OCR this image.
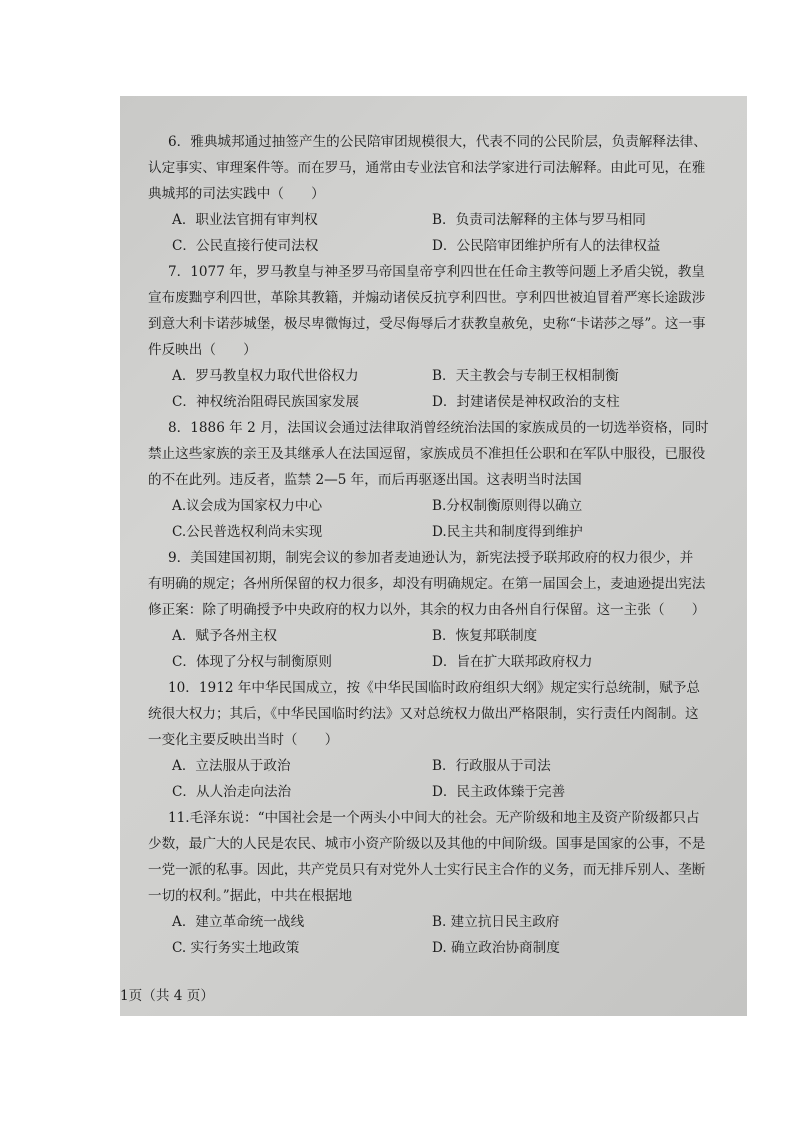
6．雅典城邦通过抽签产生的公民陪审团规模很大，代表不同的公民阶层，负责解释法律、
认定事实、审理案件等。而在罗马，通常由专业法官和法学家进行司法解释。由此可见，在雅
典城邦的司法实践中（　　）
A．职业法官拥有审判权	B．负责司法解释的主体与罗马相同
C．公民直接行使司法权	D．公民陪审团维护所有人的法律权益
7．1077 年，罗马教皇与神圣罗马帝国皇帝亨利四世在任命主教等问题上矛盾尖锐，教皇
宣布废黜亨利四世，革除其教籍，并煽动诸侯反抗亨利四世。亨利四世被迫冒着严寒长途跋涉
到意大利卡诺莎城堡，极尽卑微悔过，受尽侮辱后才获教皇赦免，史称“卡诺莎之辱”。这一事
件反映出（　　）
A．罗马教皇权力取代世俗权力	B．天主教会与专制王权相制衡
C．神权统治阻碍民族国家发展	D．封建诸侯是神权政治的支柱
8．1886 年 2 月，法国议会通过法律取消曾经统治法国的家族成员的一切选举资格，同时
禁止这些家族的亲王及其继承人在法国逗留，家族成员不准担任公职和在军队中服役，已服役
的不在此列。违反者，监禁 2—5 年，而后再驱逐出国。这表明当时法国
A.议会成为国家权力中心	B.分权制衡原则得以确立
C.公民普选权利尚未实现	D.民主共和制度得到维护
9．美国建国初期，制宪会议的参加者麦迪逊认为，新宪法授予联邦政府的权力很少，并
有明确的规定；各州所保留的权力很多，却没有明确规定。在第一届国会上，麦迪逊提出宪法
修正案：除了明确授予中央政府的权力以外，其余的权力由各州自行保留。这一主张（　　）
A．赋予各州主权	B．恢复邦联制度
C．体现了分权与制衡原则	D．旨在扩大联邦政府权力
10．1912 年中华民国成立，按《中华民国临时政府组织大纲》规定实行总统制，赋予总
统很大权力；其后，《中华民国临时约法》又对总统权力做出严格限制，实行责任内阁制。这
一变化主要反映出当时（　　）
A．立法服从于政治	B．行政服从于司法
C．从人治走向法治	D．民主政体臻于完善
11.毛泽东说：“中国社会是一个两头小中间大的社会。无产阶级和地主及资产阶级都只占
少数，最广大的人民是农民、城市小资产阶级以及其他的中间阶级。国事是国家的公事，不是
一党一派的私事。因此，共产党员只有对党外人士实行民主合作的义务，而无排斥别人、垄断
一切的权利。”据此，中共在根据地
A．建立革命统一战线	B. 建立抗日民主政府
C. 实行务实土地政策	D. 确立政治协商制度
1页（共 4 页）
